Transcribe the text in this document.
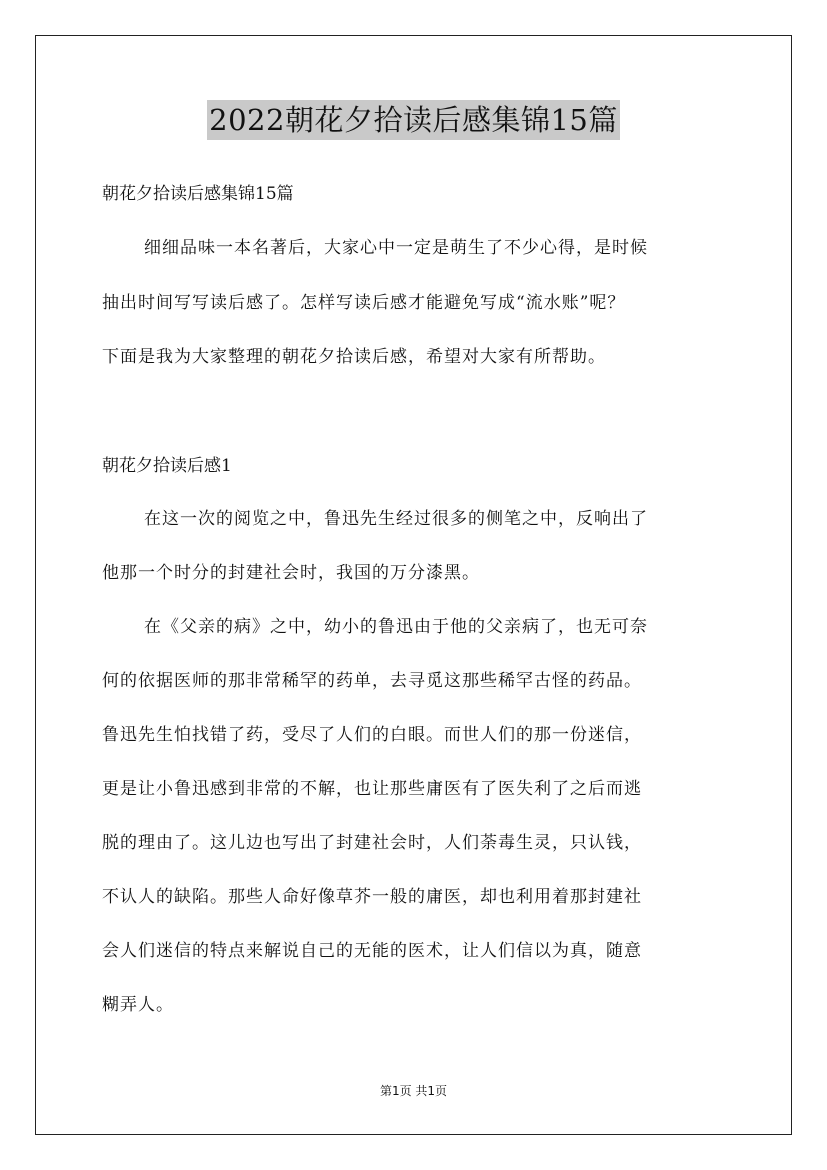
2022朝花夕拾读后感集锦15篇
朝花夕拾读后感集锦15篇
细细品味一本名著后，大家心中一定是萌生了不少心得，是时候
抽出时间写写读后感了。怎样写读后感才能避免写成“流水账”呢？
下面是我为大家整理的朝花夕拾读后感，希望对大家有所帮助。
朝花夕拾读后感1
在这一次的阅览之中，鲁迅先生经过很多的侧笔之中，反响出了
他那一个时分的封建社会时，我国的万分漆黑。
在《父亲的病》之中，幼小的鲁迅由于他的父亲病了，也无可奈
何的依据医师的那非常稀罕的药单，去寻觅这那些稀罕古怪的药品。
鲁迅先生怕找错了药，受尽了人们的白眼。而世人们的那一份迷信，
更是让小鲁迅感到非常的不解，也让那些庸医有了医失利了之后而逃
脱的理由了。这儿边也写出了封建社会时，人们荼毒生灵，只认钱，
不认人的缺陷。那些人命好像草芥一般的庸医，却也利用着那封建社
会人们迷信的特点来解说自己的无能的医术，让人们信以为真，随意
糊弄人。
第1页 共1页
